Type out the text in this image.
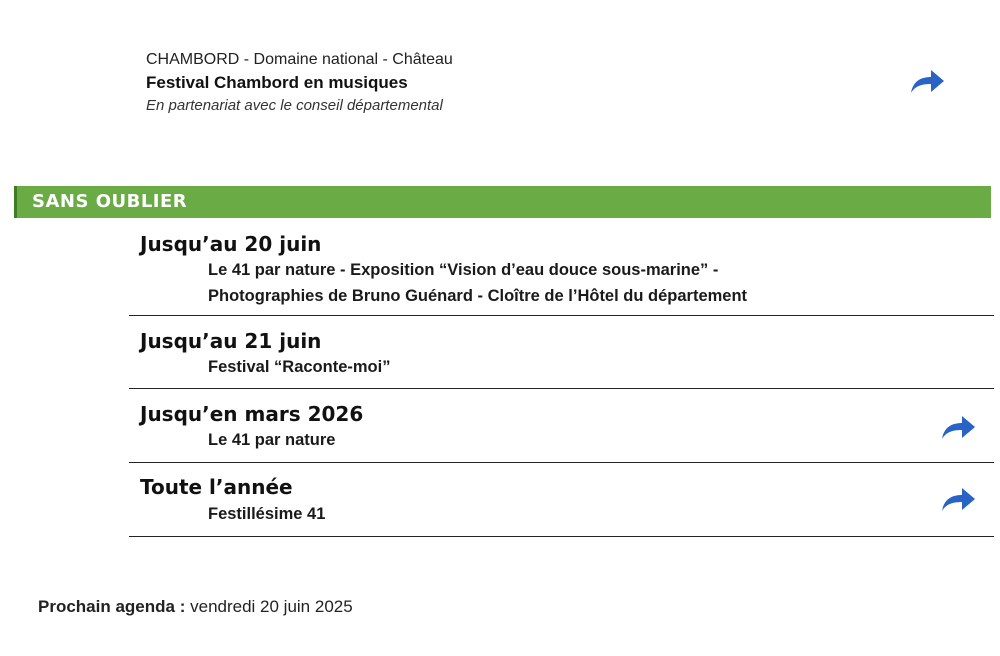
CHAMBORD - Domaine national - Château
Festival Chambord en musiques
En partenariat avec le conseil départemental
SANS OUBLIER
Jusqu’au 20 juin
Le 41 par nature - Exposition “Vision d’eau douce sous-marine” -
Photographies de Bruno Guénard - Cloître de l’Hôtel du département
Jusqu’au 21 juin
Festival “Raconte-moi”
Jusqu’en mars 2026
Le 41 par nature
Toute l’année
Festillésime 41
Prochain agenda : vendredi 20 juin 2025
